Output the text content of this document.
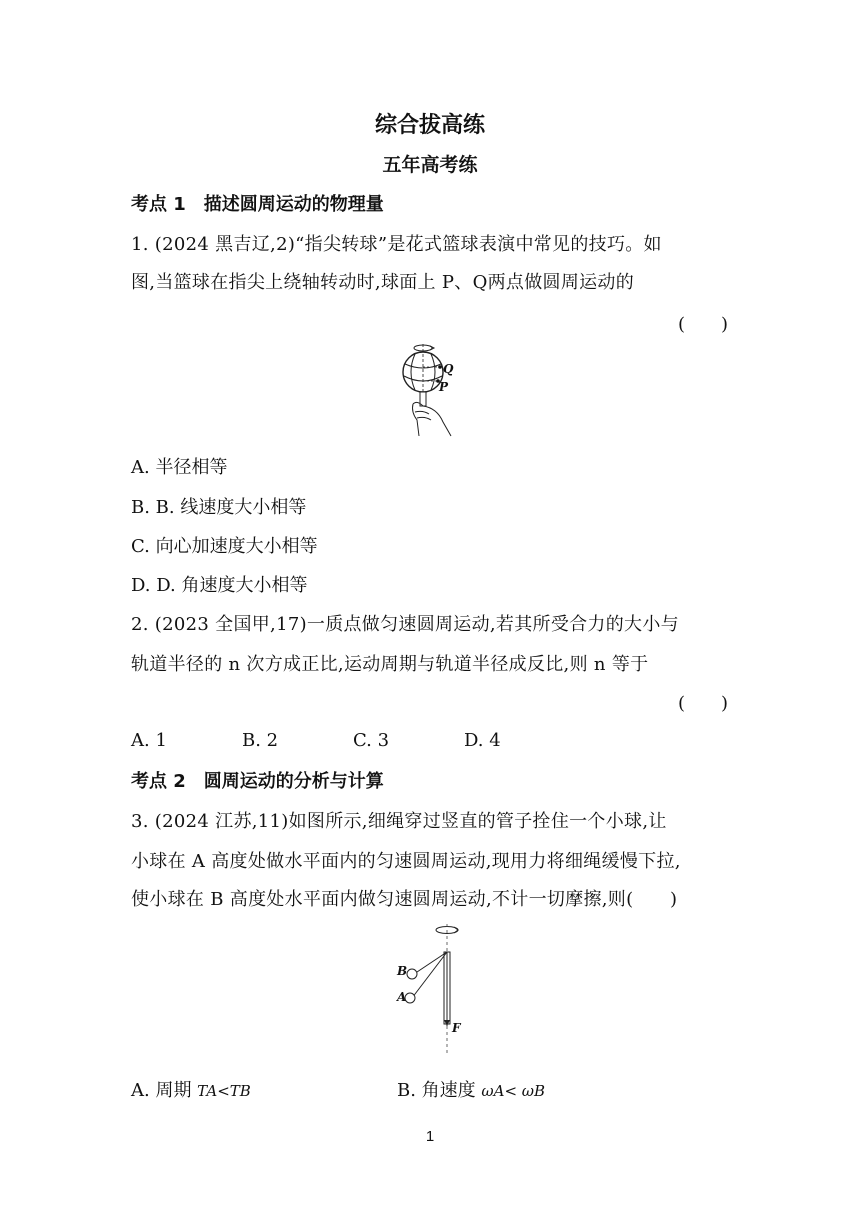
综合拔高练
五年高考练
考点 1　描述圆周运动的物理量
1. (2024 黑吉辽,2)“指尖转球”是花式篮球表演中常见的技巧。如
图,当篮球在指尖上绕轴转动时,球面上 P、Q两点做圆周运动的
(　　)
Q
P
A. 半径相等
B. B. 线速度大小相等
C. 向心加速度大小相等
D. D. 角速度大小相等
2. (2023 全国甲,17)一质点做匀速圆周运动,若其所受合力的大小与
轨道半径的 n 次方成正比,运动周期与轨道半径成反比,则 n 等于
(　　)
A. 1	B. 2	C. 3	D. 4
考点 2　圆周运动的分析与计算
3. (2024 江苏,11)如图所示,细绳穿过竖直的管子拴住一个小球,让
小球在 A 高度处做水平面内的匀速圆周运动,现用力将细绳缓慢下拉,
使小球在 B 高度处水平面内做匀速圆周运动,不计一切摩擦,则(　　)
B
A
F
A. 周期 TA<TB	B. 角速度 ωA< ωB
1
